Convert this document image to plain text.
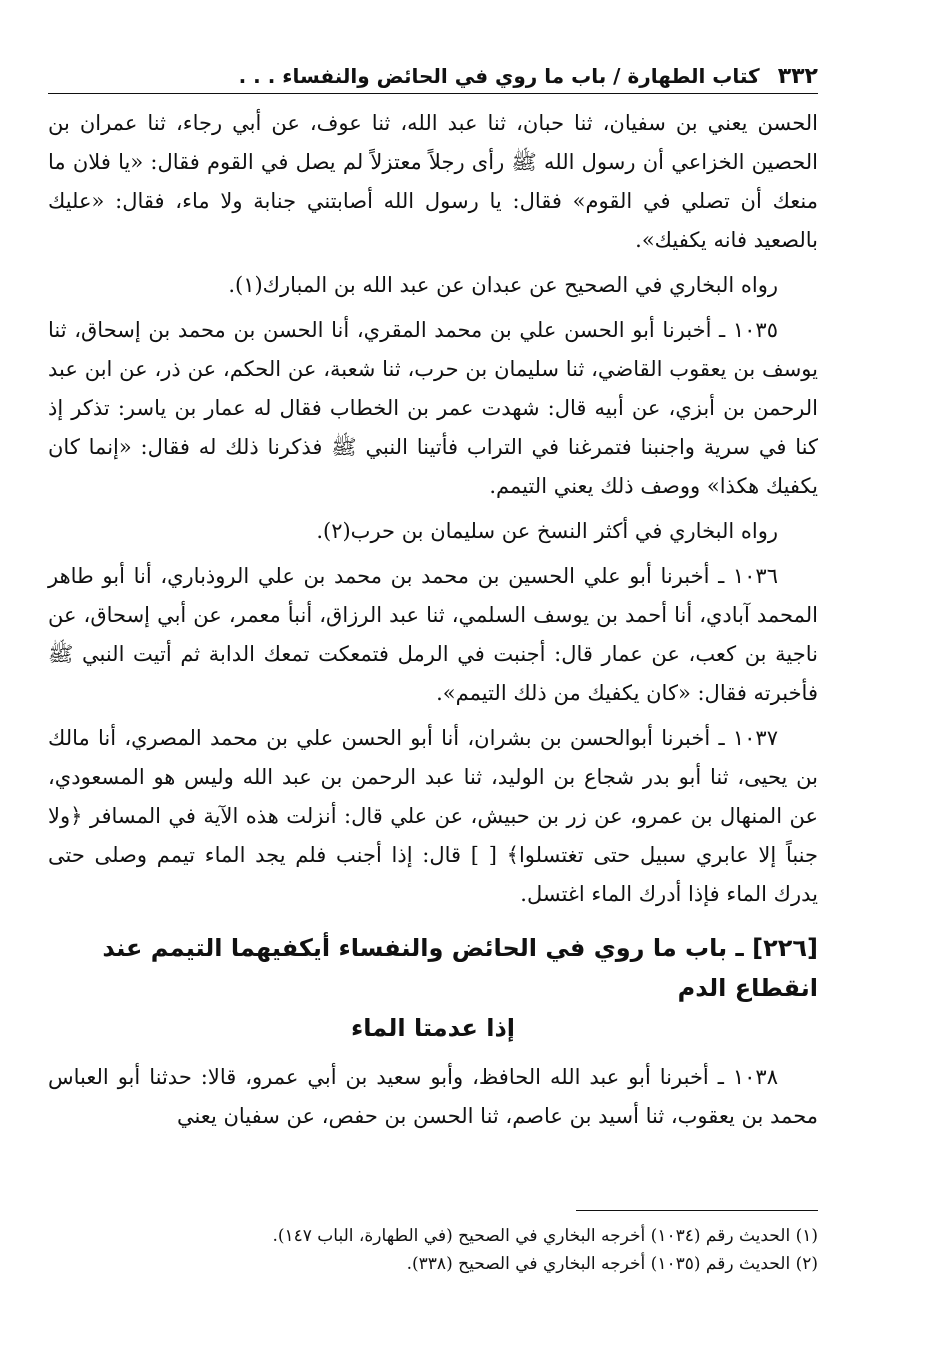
٣٣٢
كتاب الطهارة / باب ما روي في الحائض والنفساء . . .

الحسن يعني بن سفيان، ثنا حبان، ثنا عبد الله، ثنا عوف، عن أبي رجاء، ثنا عمران بن الحصين الخزاعي أن رسول الله ﷺ رأى رجلاً معتزلاً لم يصل في القوم فقال: «يا فلان ما منعك أن تصلي في القوم» فقال: يا رسول الله أصابتني جنابة ولا ماء، فقال: «عليك بالصعيد فانه يكفيك».

رواه البخاري في الصحيح عن عبدان عن عبد الله بن المبارك(١).

١٠٣٥ ـ أخبرنا أبو الحسن علي بن محمد المقري، أنا الحسن بن محمد بن إسحاق، ثنا يوسف بن يعقوب القاضي، ثنا سليمان بن حرب، ثنا شعبة، عن الحكم، عن ذر، عن ابن عبد الرحمن بن أبزي، عن أبيه قال: شهدت عمر بن الخطاب فقال له عمار بن ياسر: تذكر إذ كنا في سرية واجنبنا فتمرغنا في التراب فأتينا النبي ﷺ فذكرنا ذلك له فقال: «إنما كان يكفيك هكذا» ووصف ذلك يعني التيمم.

رواه البخاري في أكثر النسخ عن سليمان بن حرب(٢).

١٠٣٦ ـ أخبرنا أبو علي الحسين بن محمد بن محمد بن علي الروذباري، أنا أبو طاهر المحمد آبادي، أنا أحمد بن يوسف السلمي، ثنا عبد الرزاق، أنبأ معمر، عن أبي إسحاق، عن ناجية بن كعب، عن عمار قال: أجنبت في الرمل فتمعكت تمعك الدابة ثم أتيت النبي ﷺ فأخبرته فقال: «كان يكفيك من ذلك التيمم».

١٠٣٧ ـ أخبرنا أبوالحسن بن بشران، أنا أبو الحسن علي بن محمد المصري، أنا مالك بن يحيى، ثنا أبو بدر شجاع بن الوليد، ثنا عبد الرحمن بن عبد الله وليس هو المسعودي، عن المنهال بن عمرو، عن زر بن حبيش، عن علي قال: أنزلت هذه الآية في المسافر ﴿ولا جنباً إلا عابري سبيل حتى تغتسلوا﴾ [ ] قال: إذا أجنب فلم يجد الماء تيمم وصلى حتى يدرك الماء فإذا أدرك الماء اغتسل.

[٢٢٦] ـ باب ما روي في الحائض والنفساء أيكفيهما التيمم عند انقطاع الدم
إذا عدمتا الماء

١٠٣٨ ـ أخبرنا أبو عبد الله الحافظ، وأبو سعيد بن أبي عمرو، قالا: حدثنا أبو العباس محمد بن يعقوب، ثنا أسيد بن عاصم، ثنا الحسن بن حفص، عن سفيان يعني

(١) الحديث رقم (١٠٣٤) أخرجه البخاري في الصحيح (في الطهارة، الباب ١٤٧).

(٢) الحديث رقم (١٠٣٥) أخرجه البخاري في الصحيح (٣٣٨).
